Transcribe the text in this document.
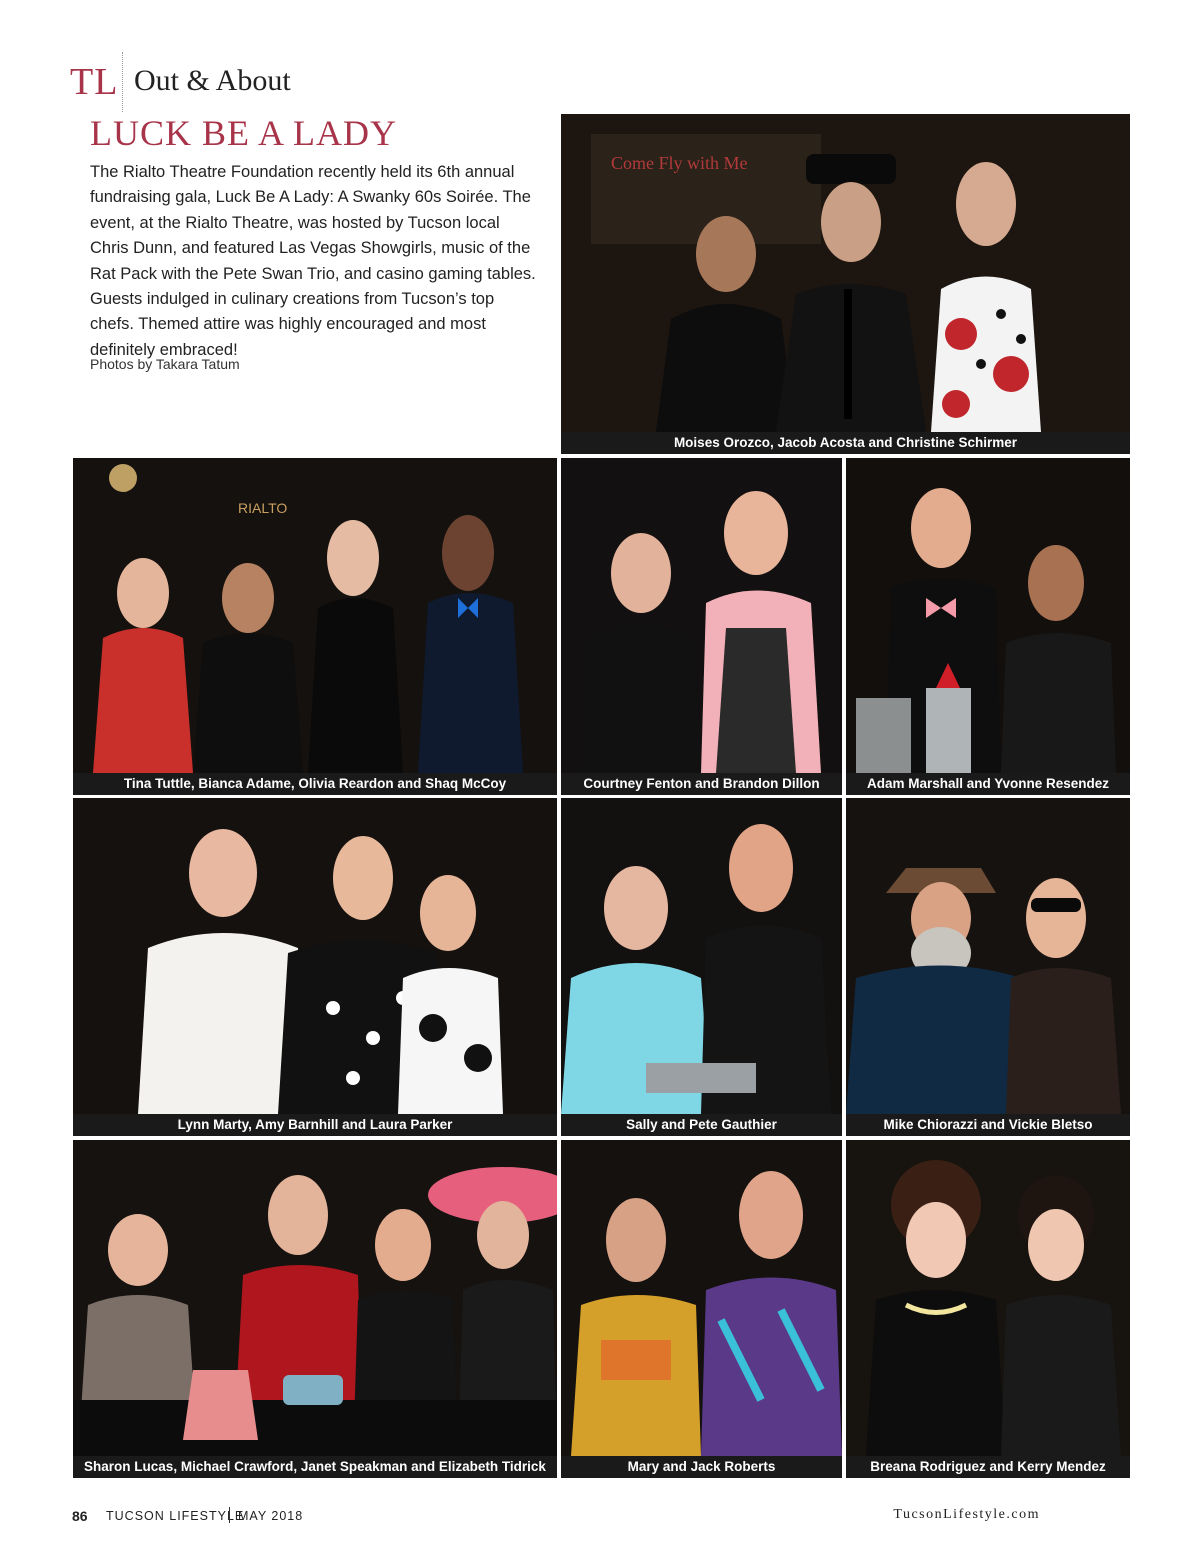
TL Out & About
LUCK BE A LADY

The Rialto Theatre Foundation recently held its 6th annual fundraising gala, Luck Be A Lady: A Swanky 60s Soirée. The event, at the Rialto Theatre, was hosted by Tucson local Chris Dunn, and featured Las Vegas Showgirls, music of the Rat Pack with the Pete Swan Trio, and casino gaming tables. Guests indulged in culinary creations from Tucson’s top chefs. Themed attire was highly encouraged and most definitely embraced!

Photos by Takara Tatum
Come Fly with Me
Moises Orozco, Jacob Acosta and Christine Schirmer
RIALTO
Tina Tuttle, Bianca Adame, Olivia Reardon and Shaq McCoy	Courtney Fenton and Brandon Dillon	Adam Marshall and Yvonne Resendez
Lynn Marty, Amy Barnhill and Laura Parker	Sally and Pete Gauthier	Mike Chiorazzi and Vickie Bletso
Sharon Lucas, Michael Crawford, Janet Speakman and Elizabeth Tidrick	Mary and Jack Roberts	Breana Rodriguez and Kerry Mendez
86 TUCSON LIFESTYLE
MAY 2018	TucsonLifestyle.com
